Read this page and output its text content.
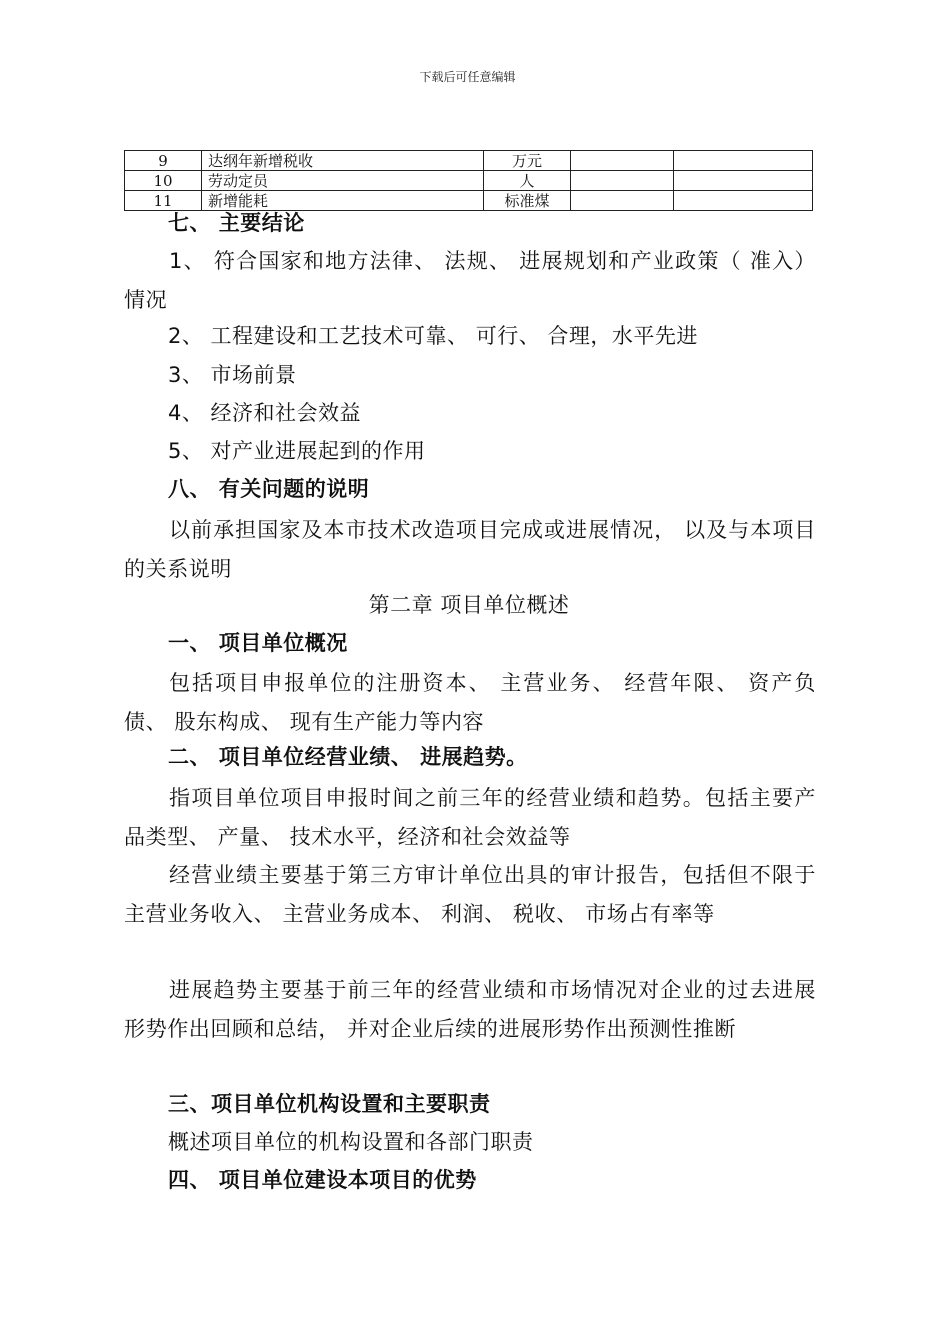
下载后可任意编辑
9	达纲年新增税收	万元		
10	劳动定员	人		
11	新增能耗	标准煤		
七、 主要结论
1、 符合国家和地方法律、 法规、 进展规划和产业政策（ 准入）情况
2、 工程建设和工艺技术可靠、 可行、 合理，水平先进
3、 市场前景
4、 经济和社会效益
5、 对产业进展起到的作用
八、 有关问题的说明
以前承担国家及本市技术改造项目完成或进展情况， 以及与本项目的关系说明
第二章 项目单位概述
一、 项目单位概况
包括项目申报单位的注册资本、 主营业务、 经营年限、 资产负债、 股东构成、 现有生产能力等内容
二、 项目单位经营业绩、 进展趋势。
指项目单位项目申报时间之前三年的经营业绩和趋势。包括主要产品类型、 产量、 技术水平，经济和社会效益等
经营业绩主要基于第三方审计单位出具的审计报告，包括但不限于主营业务收入、 主营业务成本、 利润、 税收、 市场占有率等
进展趋势主要基于前三年的经营业绩和市场情况对企业的过去进展形势作出回顾和总结， 并对企业后续的进展形势作出预测性推断
三、项目单位机构设置和主要职责
概述项目单位的机构设置和各部门职责
四、 项目单位建设本项目的优势
